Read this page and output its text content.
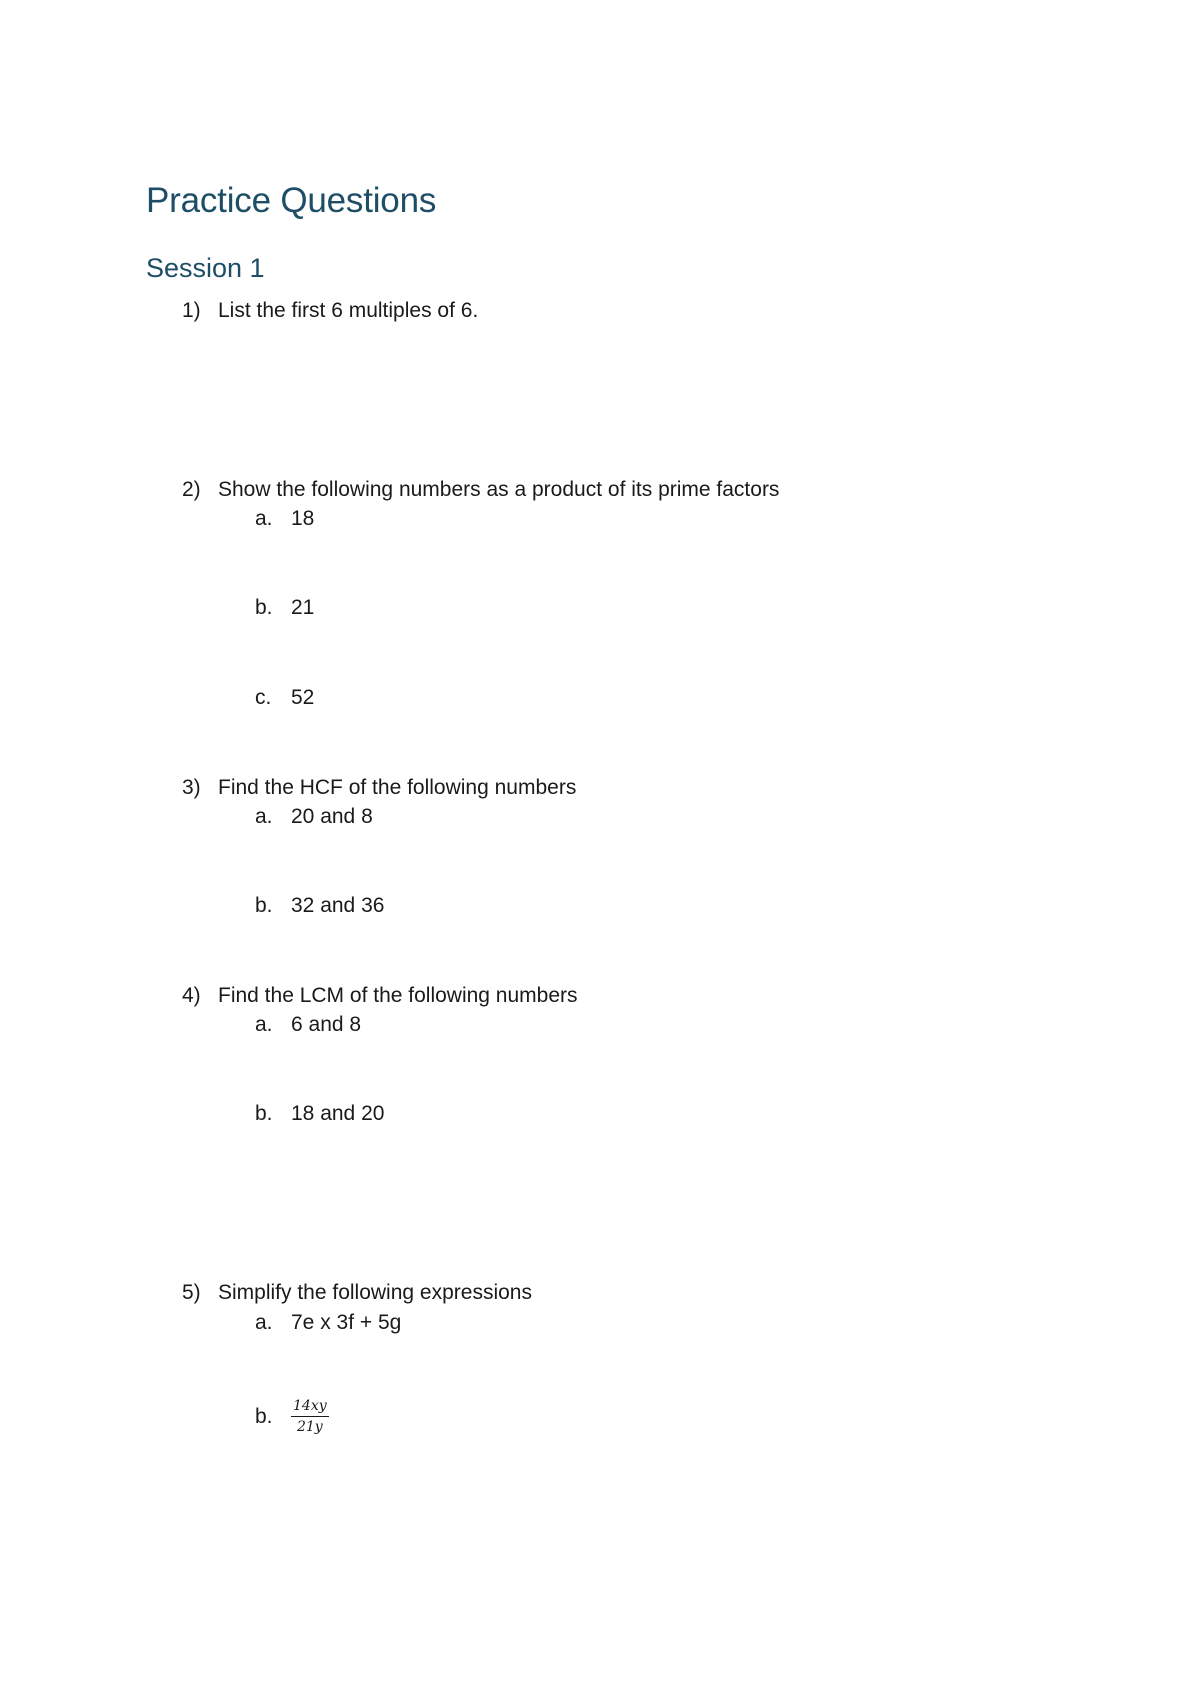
Practice Questions
Session 1
1) List the first 6 multiples of 6.
2) Show the following numbers as a product of its prime factors
a. 18
b. 21
c. 52
3) Find the HCF of the following numbers
a. 20 and 8
b. 32 and 36
4) Find the LCM of the following numbers
a. 6 and 8
b. 18 and 20
5) Simplify the following expressions
a. 7e x 3f + 5g
b. $\frac{14xy}{21y}$
